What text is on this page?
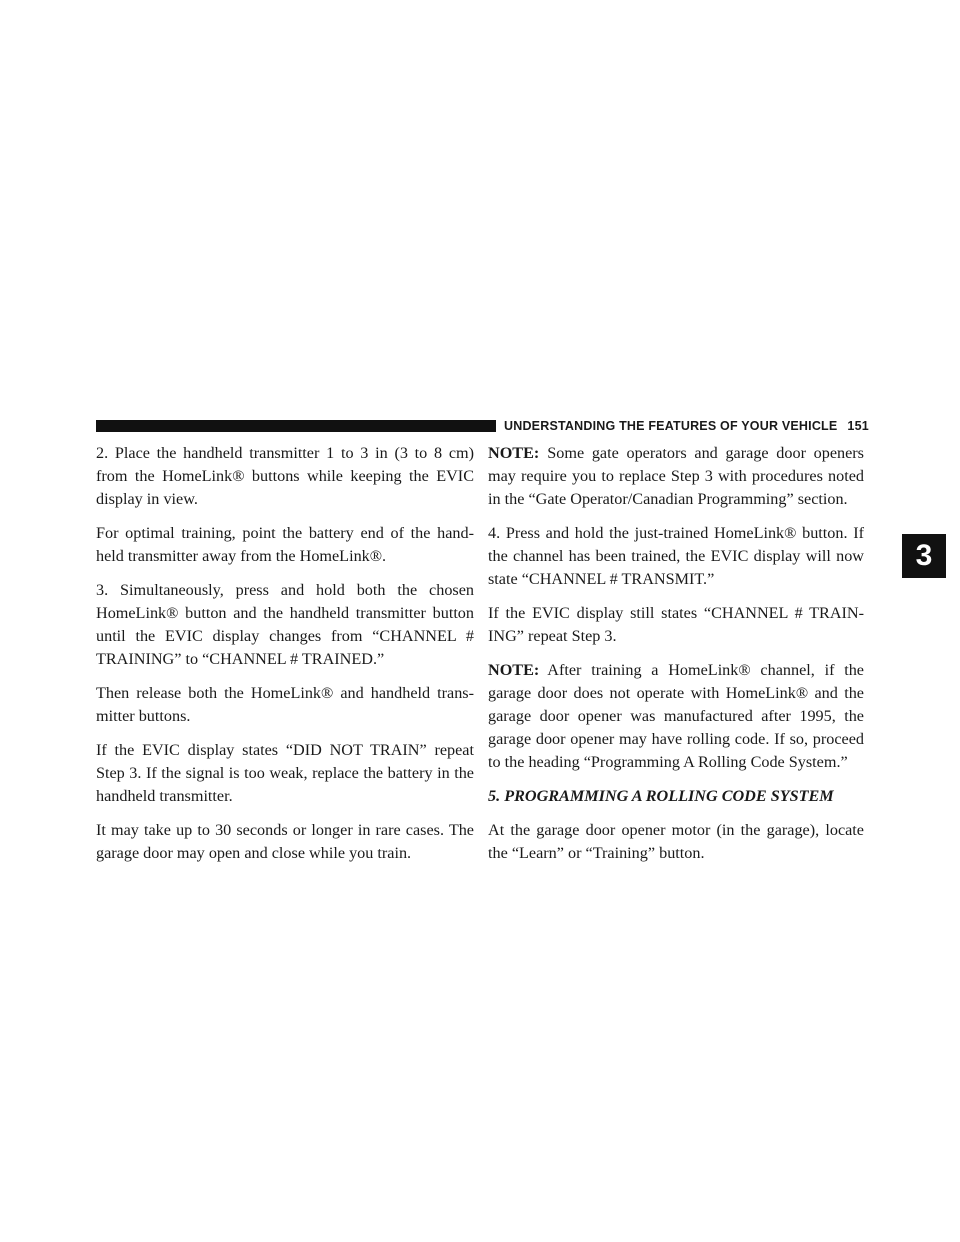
UNDERSTANDING THE FEATURES OF YOUR VEHICLE 151
3

2. Place the handheld transmitter 1 to 3 in (3 to 8 cm) from the HomeLink® buttons while keeping the EVIC display in view.

For optimal training, point the battery end of the hand-held transmitter away from the HomeLink®.

3. Simultaneously, press and hold both the chosen HomeLink® button and the handheld transmitter button until the EVIC display changes from “CHANNEL # TRAINING” to “CHANNEL # TRAINED.”

Then release both the HomeLink® and handheld trans-mitter buttons.

If the EVIC display states “DID NOT TRAIN” repeat Step 3. If the signal is too weak, replace the battery in the handheld transmitter.

It may take up to 30 seconds or longer in rare cases. The garage door may open and close while you train.

NOTE: Some gate operators and garage door openers may require you to replace Step 3 with procedures noted in the “Gate Operator/Canadian Programming” section.

4. Press and hold the just-trained HomeLink® button. If the channel has been trained, the EVIC display will now state “CHANNEL # TRANSMIT.”

If the EVIC display still states “CHANNEL # TRAIN-ING” repeat Step 3.

NOTE: After training a HomeLink® channel, if the garage door does not operate with HomeLink® and the garage door opener was manufactured after 1995, the garage door opener may have rolling code. If so, proceed to the heading “Programming A Rolling Code System.”

5. PROGRAMMING A ROLLING CODE SYSTEM

At the garage door opener motor (in the garage), locate the “Learn” or “Training” button.
